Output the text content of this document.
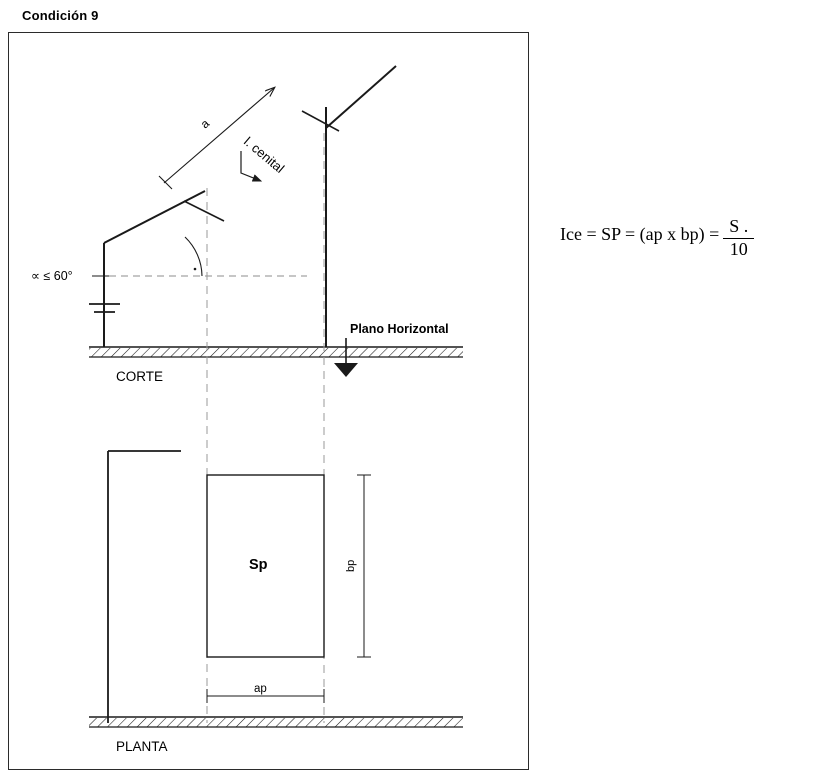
Condición 9
a
l. cenital
∝ ≤ 60°
Plano Horizontal
CORTE
Sp	bp
ap
PLANTA
Ice = SP = (ap x $bp) = \frac{S .}{10}$
